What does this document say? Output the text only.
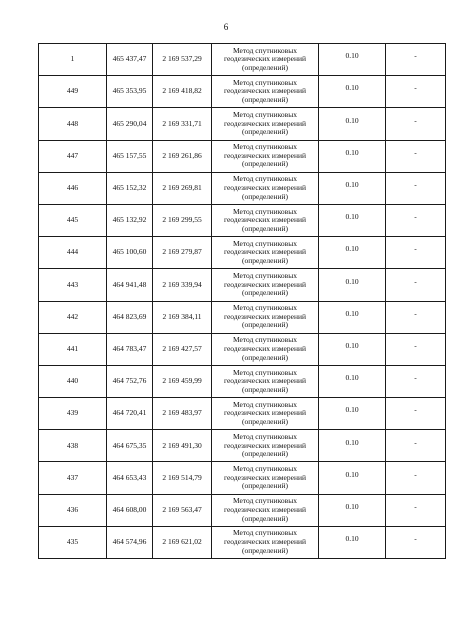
6
1	465 437,47	2 169 537,29	Метод спутниковых
геодезических измерений
(определений)	0.10	-
449	465 353,95	2 169 418,82	Метод спутниковых
геодезических измерений
(определений)	0.10	-
448	465 290,04	2 169 331,71	Метод спутниковых
геодезических измерений
(определений)	0.10	-
447	465 157,55	2 169 261,86	Метод спутниковых
геодезических измерений
(определений)	0.10	-
446	465 152,32	2 169 269,81	Метод спутниковых
геодезических измерений
(определений)	0.10	-
445	465 132,92	2 169 299,55	Метод спутниковых
геодезических измерений
(определений)	0.10	-
444	465 100,60	2 169 279,87	Метод спутниковых
геодезических измерений
(определений)	0.10	-
443	464 941,48	2 169 339,94	Метод спутниковых
геодезических измерений
(определений)	0.10	-
442	464 823,69	2 169 384,11	Метод спутниковых
геодезических измерений
(определений)	0.10	-
441	464 783,47	2 169 427,57	Метод спутниковых
геодезических измерений
(определений)	0.10	-
440	464 752,76	2 169 459,99	Метод спутниковых
геодезических измерений
(определений)	0.10	-
439	464 720,41	2 169 483,97	Метод спутниковых
геодезических измерений
(определений)	0.10	-
438	464 675,35	2 169 491,30	Метод спутниковых
геодезических измерений
(определений)	0.10	-
437	464 653,43	2 169 514,79	Метод спутниковых
геодезических измерений
(определений)	0.10	-
436	464 608,00	2 169 563,47	Метод спутниковых
геодезических измерений
(определений)	0.10	-
435	464 574,96	2 169 621,02	Метод спутниковых
геодезических измерений
(определений)	0.10	-
